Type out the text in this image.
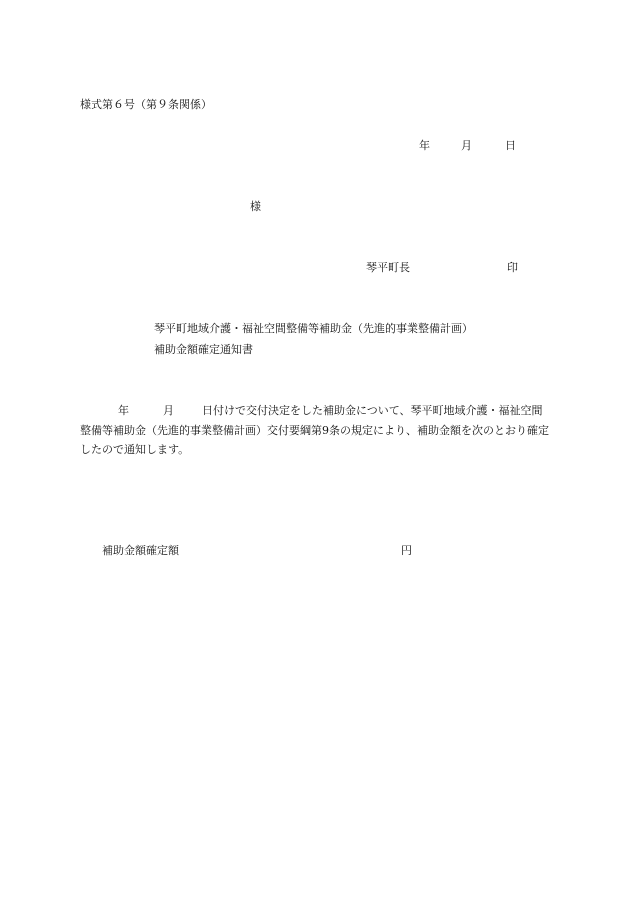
様式第６号（第９条関係）
年	月	日
様
琴平町長	印
琴平町地域介護・福祉空間整備等補助金（先進的事業整備計画）
補助金額確定通知書
年	月	日付けで交付決定をした補助金について、琴平町地域介護・福祉空間
整備等補助金（先進的事業整備計画）交付要綱第9条の規定により、補助金額を次のとおり確定
したので通知します。
補助金額確定額	円
